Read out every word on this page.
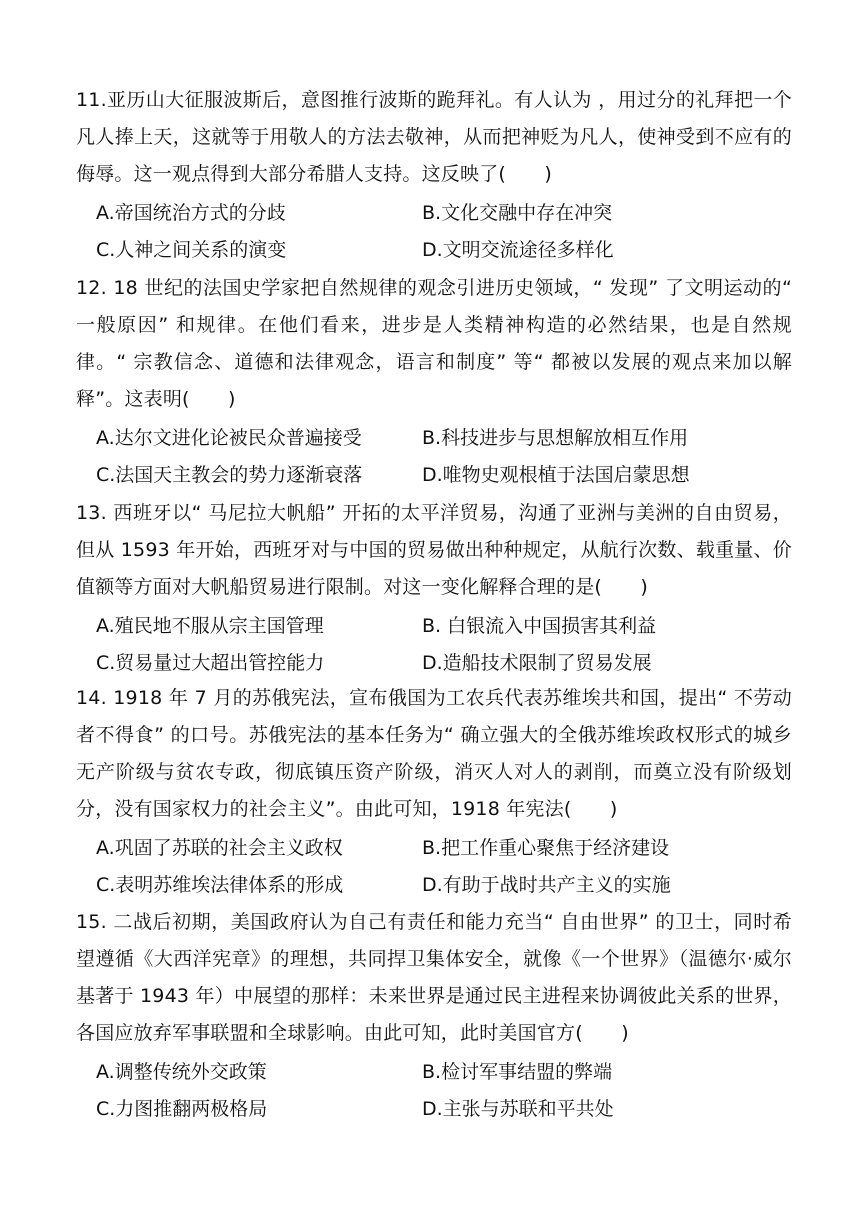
11.亚历山大征服波斯后，意图推行波斯的跪拜礼。有人认为 ，用过分的礼拜把一个凡人捧上天，这就等于用敬人的方法去敬神，从而把神贬为凡人，使神受到不应有的侮辱。这一观点得到大部分希腊人支持。这反映了(　　)

A.帝国统治方式的分歧	B.文化交融中存在冲突
C.人神之间关系的演变	D.文明交流途径多样化

12. 18 世纪的法国史学家把自然规律的观念引进历史领域，“ 发现” 了文明运动的“ 一般原因” 和规律。在他们看来，进步是人类精神构造的必然结果，也是自然规律。“ 宗教信念、道德和法律观念，语言和制度” 等“ 都被以发展的观点来加以解释”。这表明(　　)

A.达尔文进化论被民众普遍接受	B.科技进步与思想解放相互作用
C.法国天主教会的势力逐渐衰落	D.唯物史观根植于法国启蒙思想

13. 西班牙以“ 马尼拉大帆船” 开拓的太平洋贸易，沟通了亚洲与美洲的自由贸易，但从 1593 年开始，西班牙对与中国的贸易做出种种规定，从航行次数、载重量、价值额等方面对大帆船贸易进行限制。对这一变化解释合理的是(　　)

A.殖民地不服从宗主国管理	B. 白银流入中国损害其利益
C.贸易量过大超出管控能力	D.造船技术限制了贸易发展

14. 1918 年 7 月的苏俄宪法，宣布俄国为工农兵代表苏维埃共和国，提出“ 不劳动者不得食” 的口号。苏俄宪法的基本任务为“ 确立强大的全俄苏维埃政权形式的城乡无产阶级与贫农专政，彻底镇压资产阶级，消灭人对人的剥削，而奠立没有阶级划分，没有国家权力的社会主义”。由此可知，1918 年宪法(　　)

A.巩固了苏联的社会主义政权	B.把工作重心聚焦于经济建设
C.表明苏维埃法律体系的形成	D.有助于战时共产主义的实施

15. 二战后初期，美国政府认为自己有责任和能力充当“ 自由世界” 的卫士，同时希望遵循《大西洋宪章》的理想，共同捍卫集体安全，就像《一个世界》（温德尔·威尔基著于 1943 年）中展望的那样：未来世界是通过民主进程来协调彼此关系的世界，各国应放弃军事联盟和全球影响。由此可知，此时美国官方(　　)

A.调整传统外交政策	B.检讨军事结盟的弊端
C.力图推翻两极格局	D.主张与苏联和平共处
